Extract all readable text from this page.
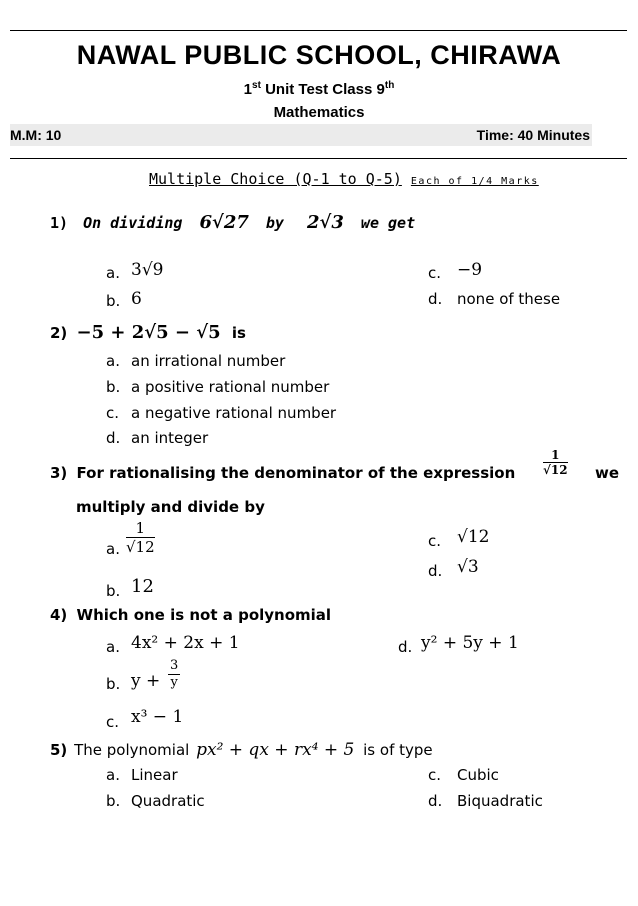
NAWAL PUBLIC SCHOOL, CHIRAWA
1st Unit Test Class 9th
Mathematics
M.M: 10	Time: 40 Minutes
Multiple Choice (Q-1 to Q-5) Each of 1/4 Marks
1) On dividing 6√27 by 2√3 we get
a. 3√9
b. 6
c. −9
d. none of these
2) −5 + 2√5 − √5 is
a. an irrational number
b. a positive rational number
c. a negative rational number
d. an integer
3) For rationalising the denominator of the expression $\frac{1}{√12}$ we
multiply and divide by
a. $\frac{1}{√12}$
b. 12
c. √12
d. √3
4) Which one is not a polynomial
a. 4x² + 2x + 1
b. $y + \frac{3}{y}$
c. x³ − 1
d. y² + 5y + 1
5) The polynomial px² + qx + rx⁴ + 5 is of type
a. Linear
b. Quadratic
c. Cubic
d. Biquadratic
